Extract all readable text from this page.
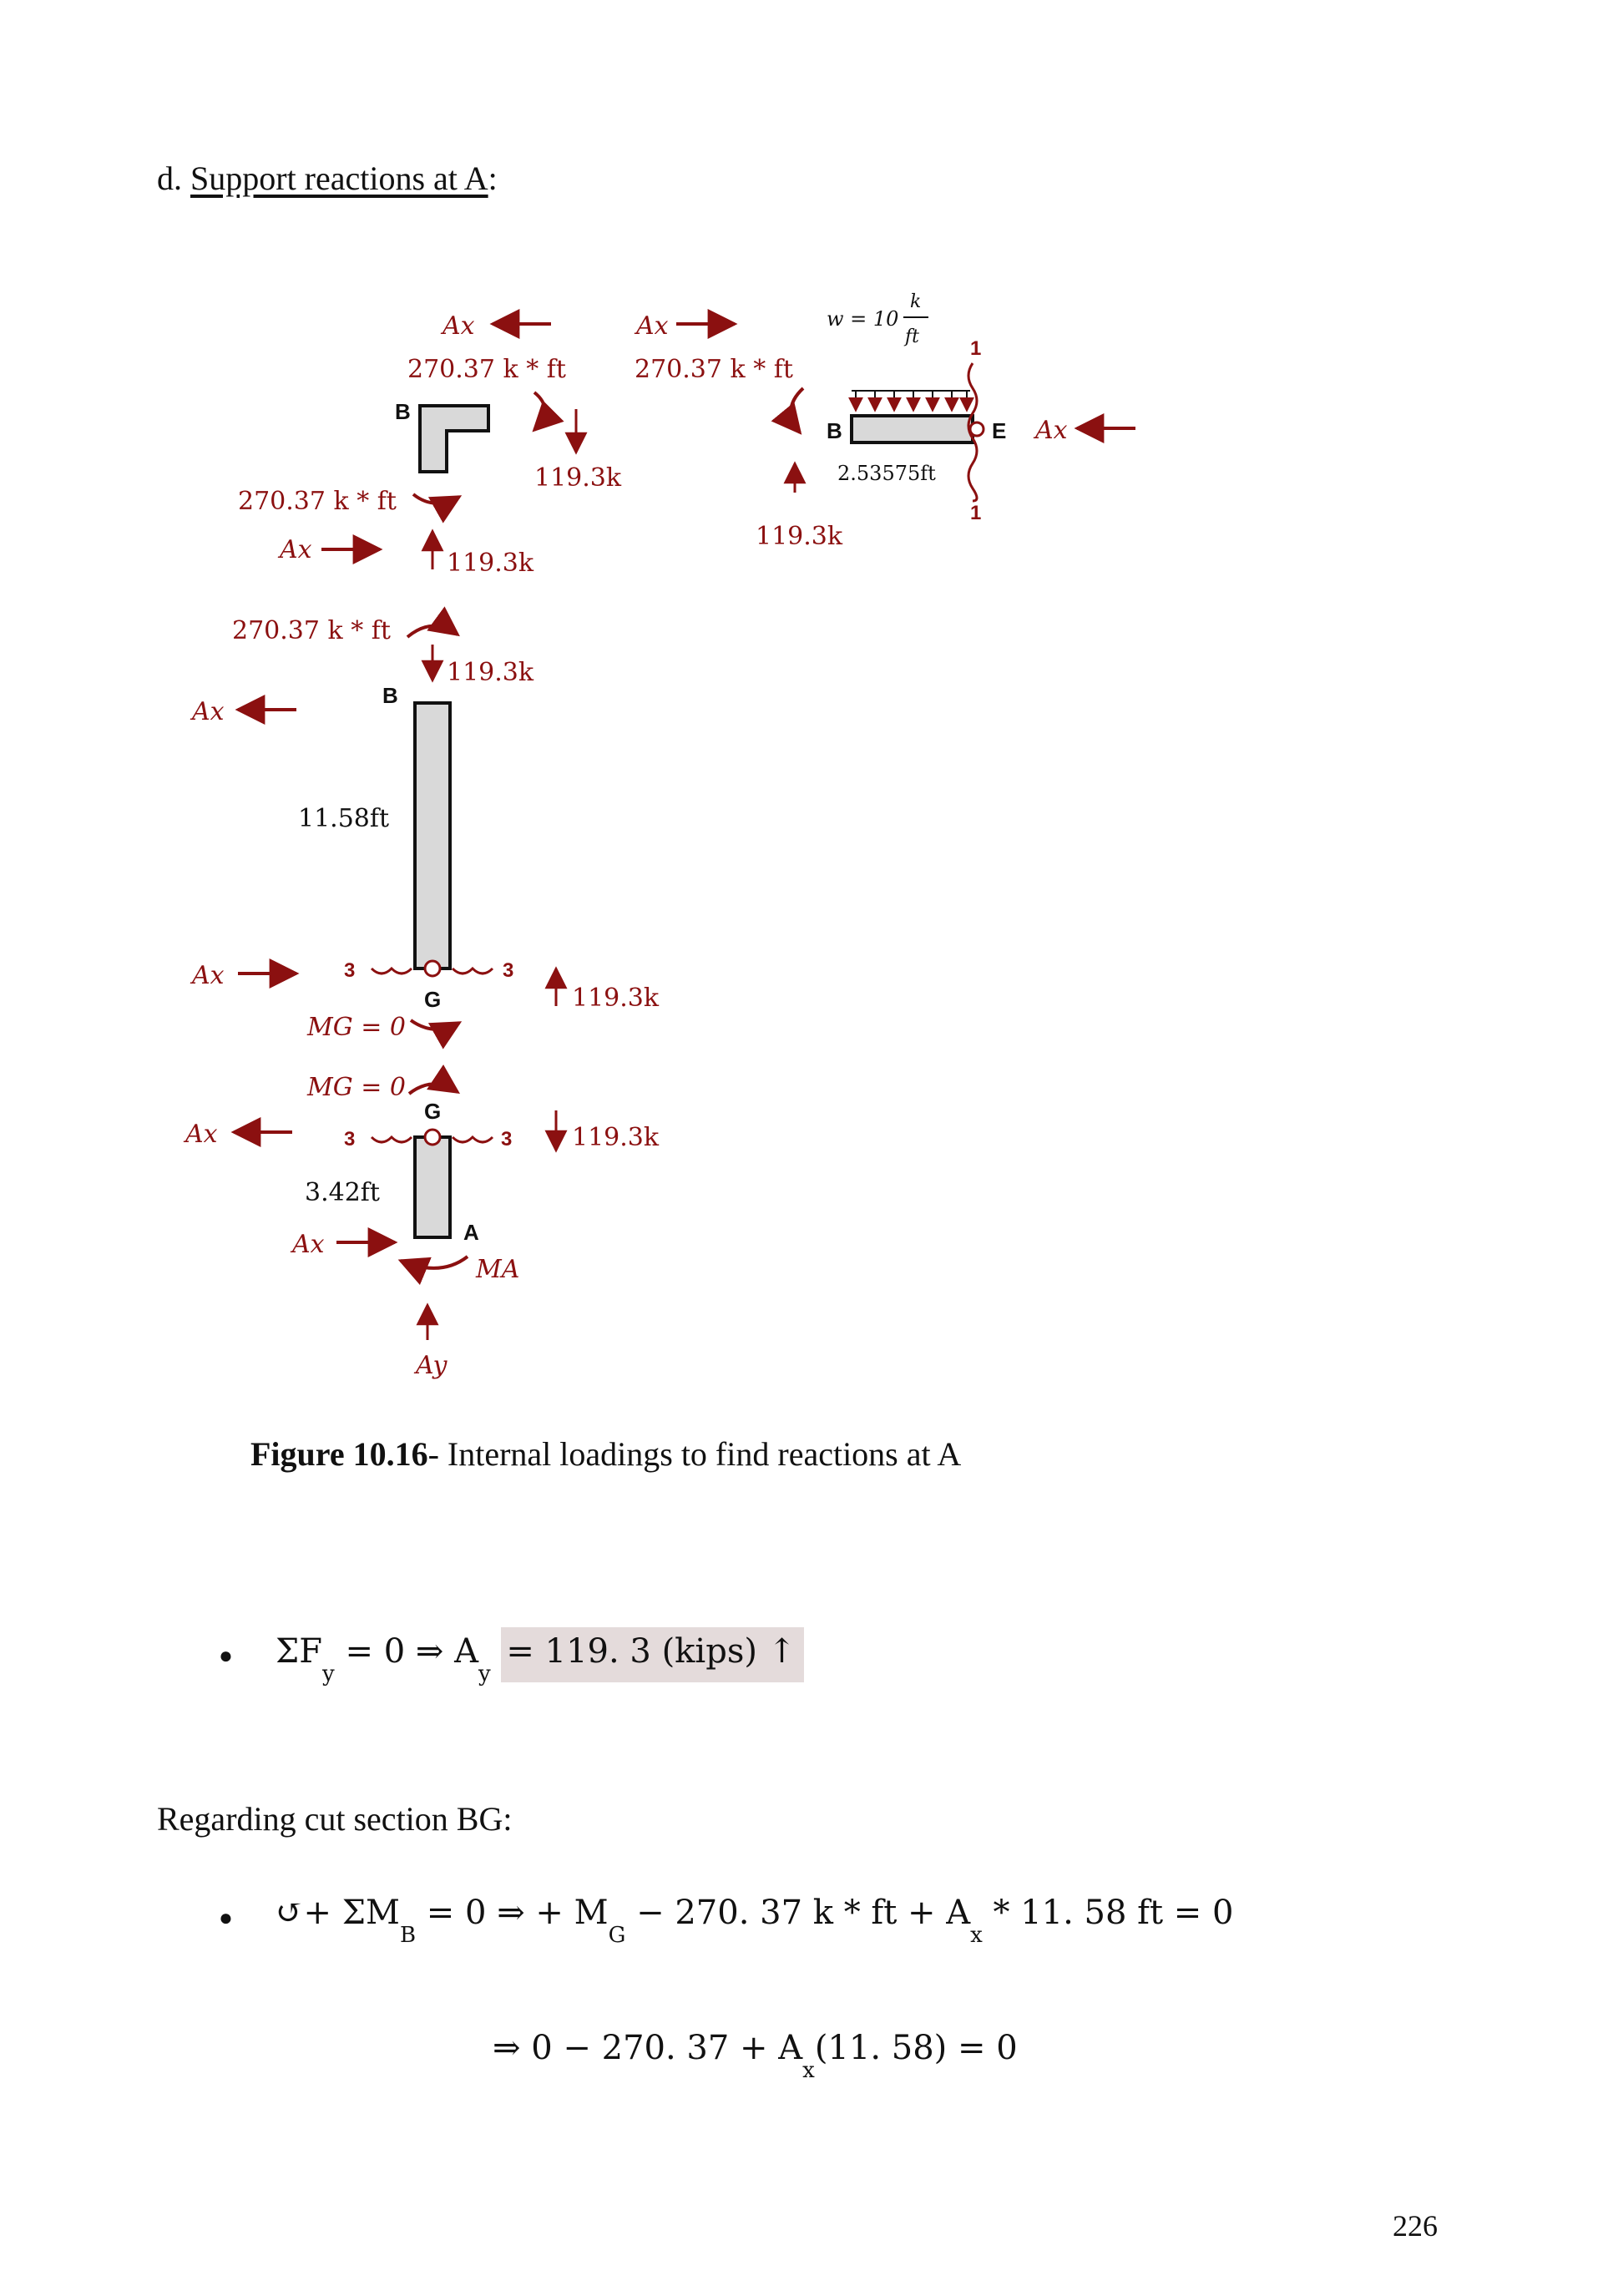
d. Support reactions at A:
Ax
270.37 k * ft
119.3k
B
270.37 k * ft
Ax	119.3k
Ax
270.37 k * ft
119.3k
w = 10
k
ft
B	E Ax
1
1
2.53575ft
270.37 k * ft
119.3k
B
Ax
11.58ft
Ax	3	3
G	119.3k
MG = 0
MG = 0
G
Ax	3	3 119.3k
3.42ft
Ax	A
MA
Ay
Figure 10.16- Internal loadings to find reactions at A
● $\Sigma F_y = 0$ ⇒ $A_y = 119$. 3 (kips) ↑
Regarding cut section BG:
● ↺+ $\Sigma M_B = 0$ ⇒ + $M_G - 270$. 37 k * ft + $A_x * 11$. 58 ft = 0
⇒ 0 − 270. $37 + A_x(11$. 58) = 0
226
